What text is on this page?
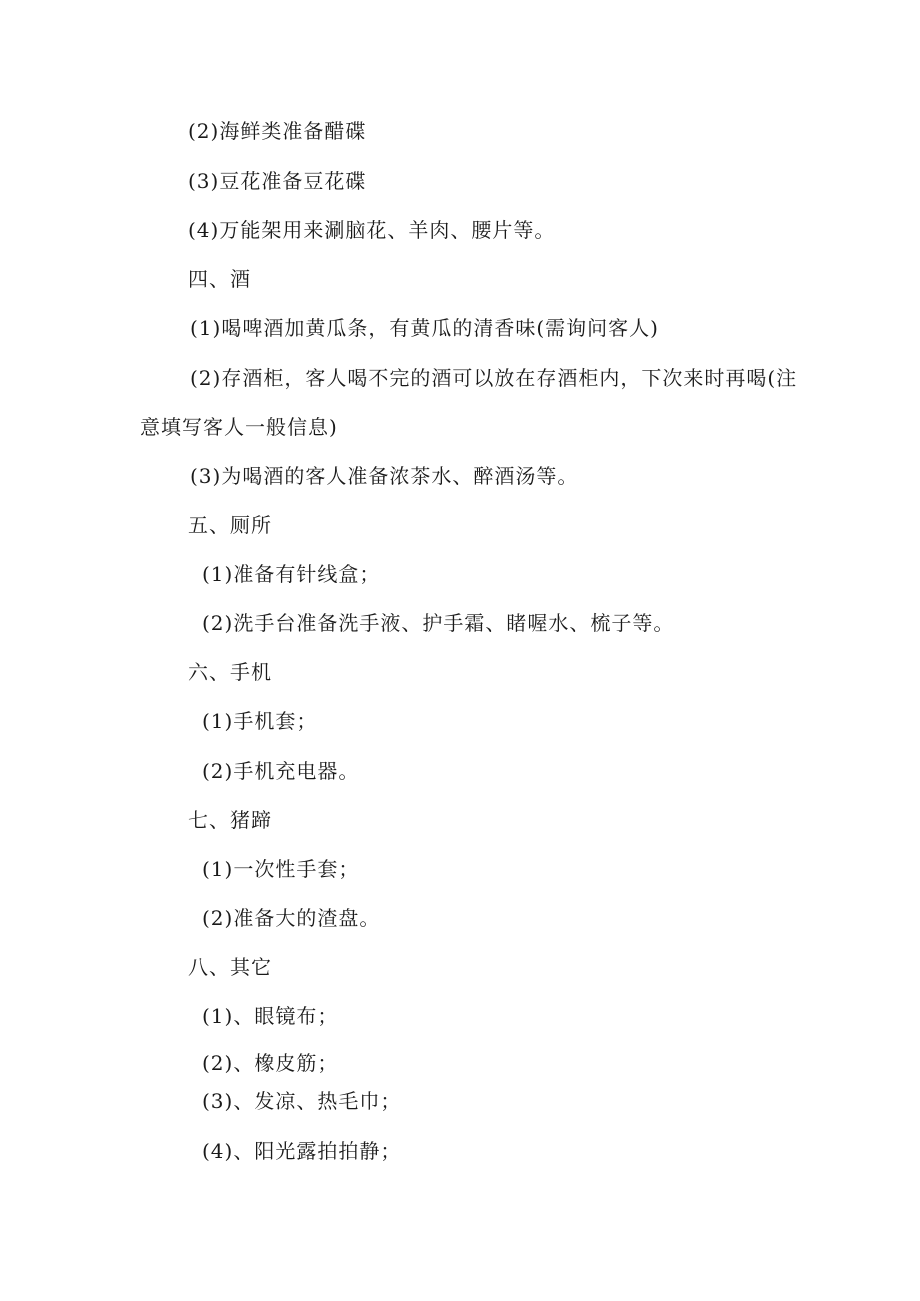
(2)海鲜类准备醋碟
(3)豆花准备豆花碟
(4)万能架用来涮脑花、羊肉、腰片等。
四、酒
(1)喝啤酒加黄瓜条，有黄瓜的清香味(需询问客人)
(2)存酒柜，客人喝不完的酒可以放在存酒柜内，下次来时再喝(注
意填写客人一般信息)
(3)为喝酒的客人准备浓茶水、醉酒汤等。
五、厕所
(1)准备有针线盒；
(2)洗手台准备洗手液、护手霜、睹喔水、梳子等。
六、手机
(1)手机套；
(2)手机充电器。
七、猪蹄
(1)一次性手套；
(2)准备大的渣盘。
八、其它
(1)、眼镜布；
(2)、橡皮筋；
(3)、发凉、热毛巾；
(4)、阳光露拍拍静；
